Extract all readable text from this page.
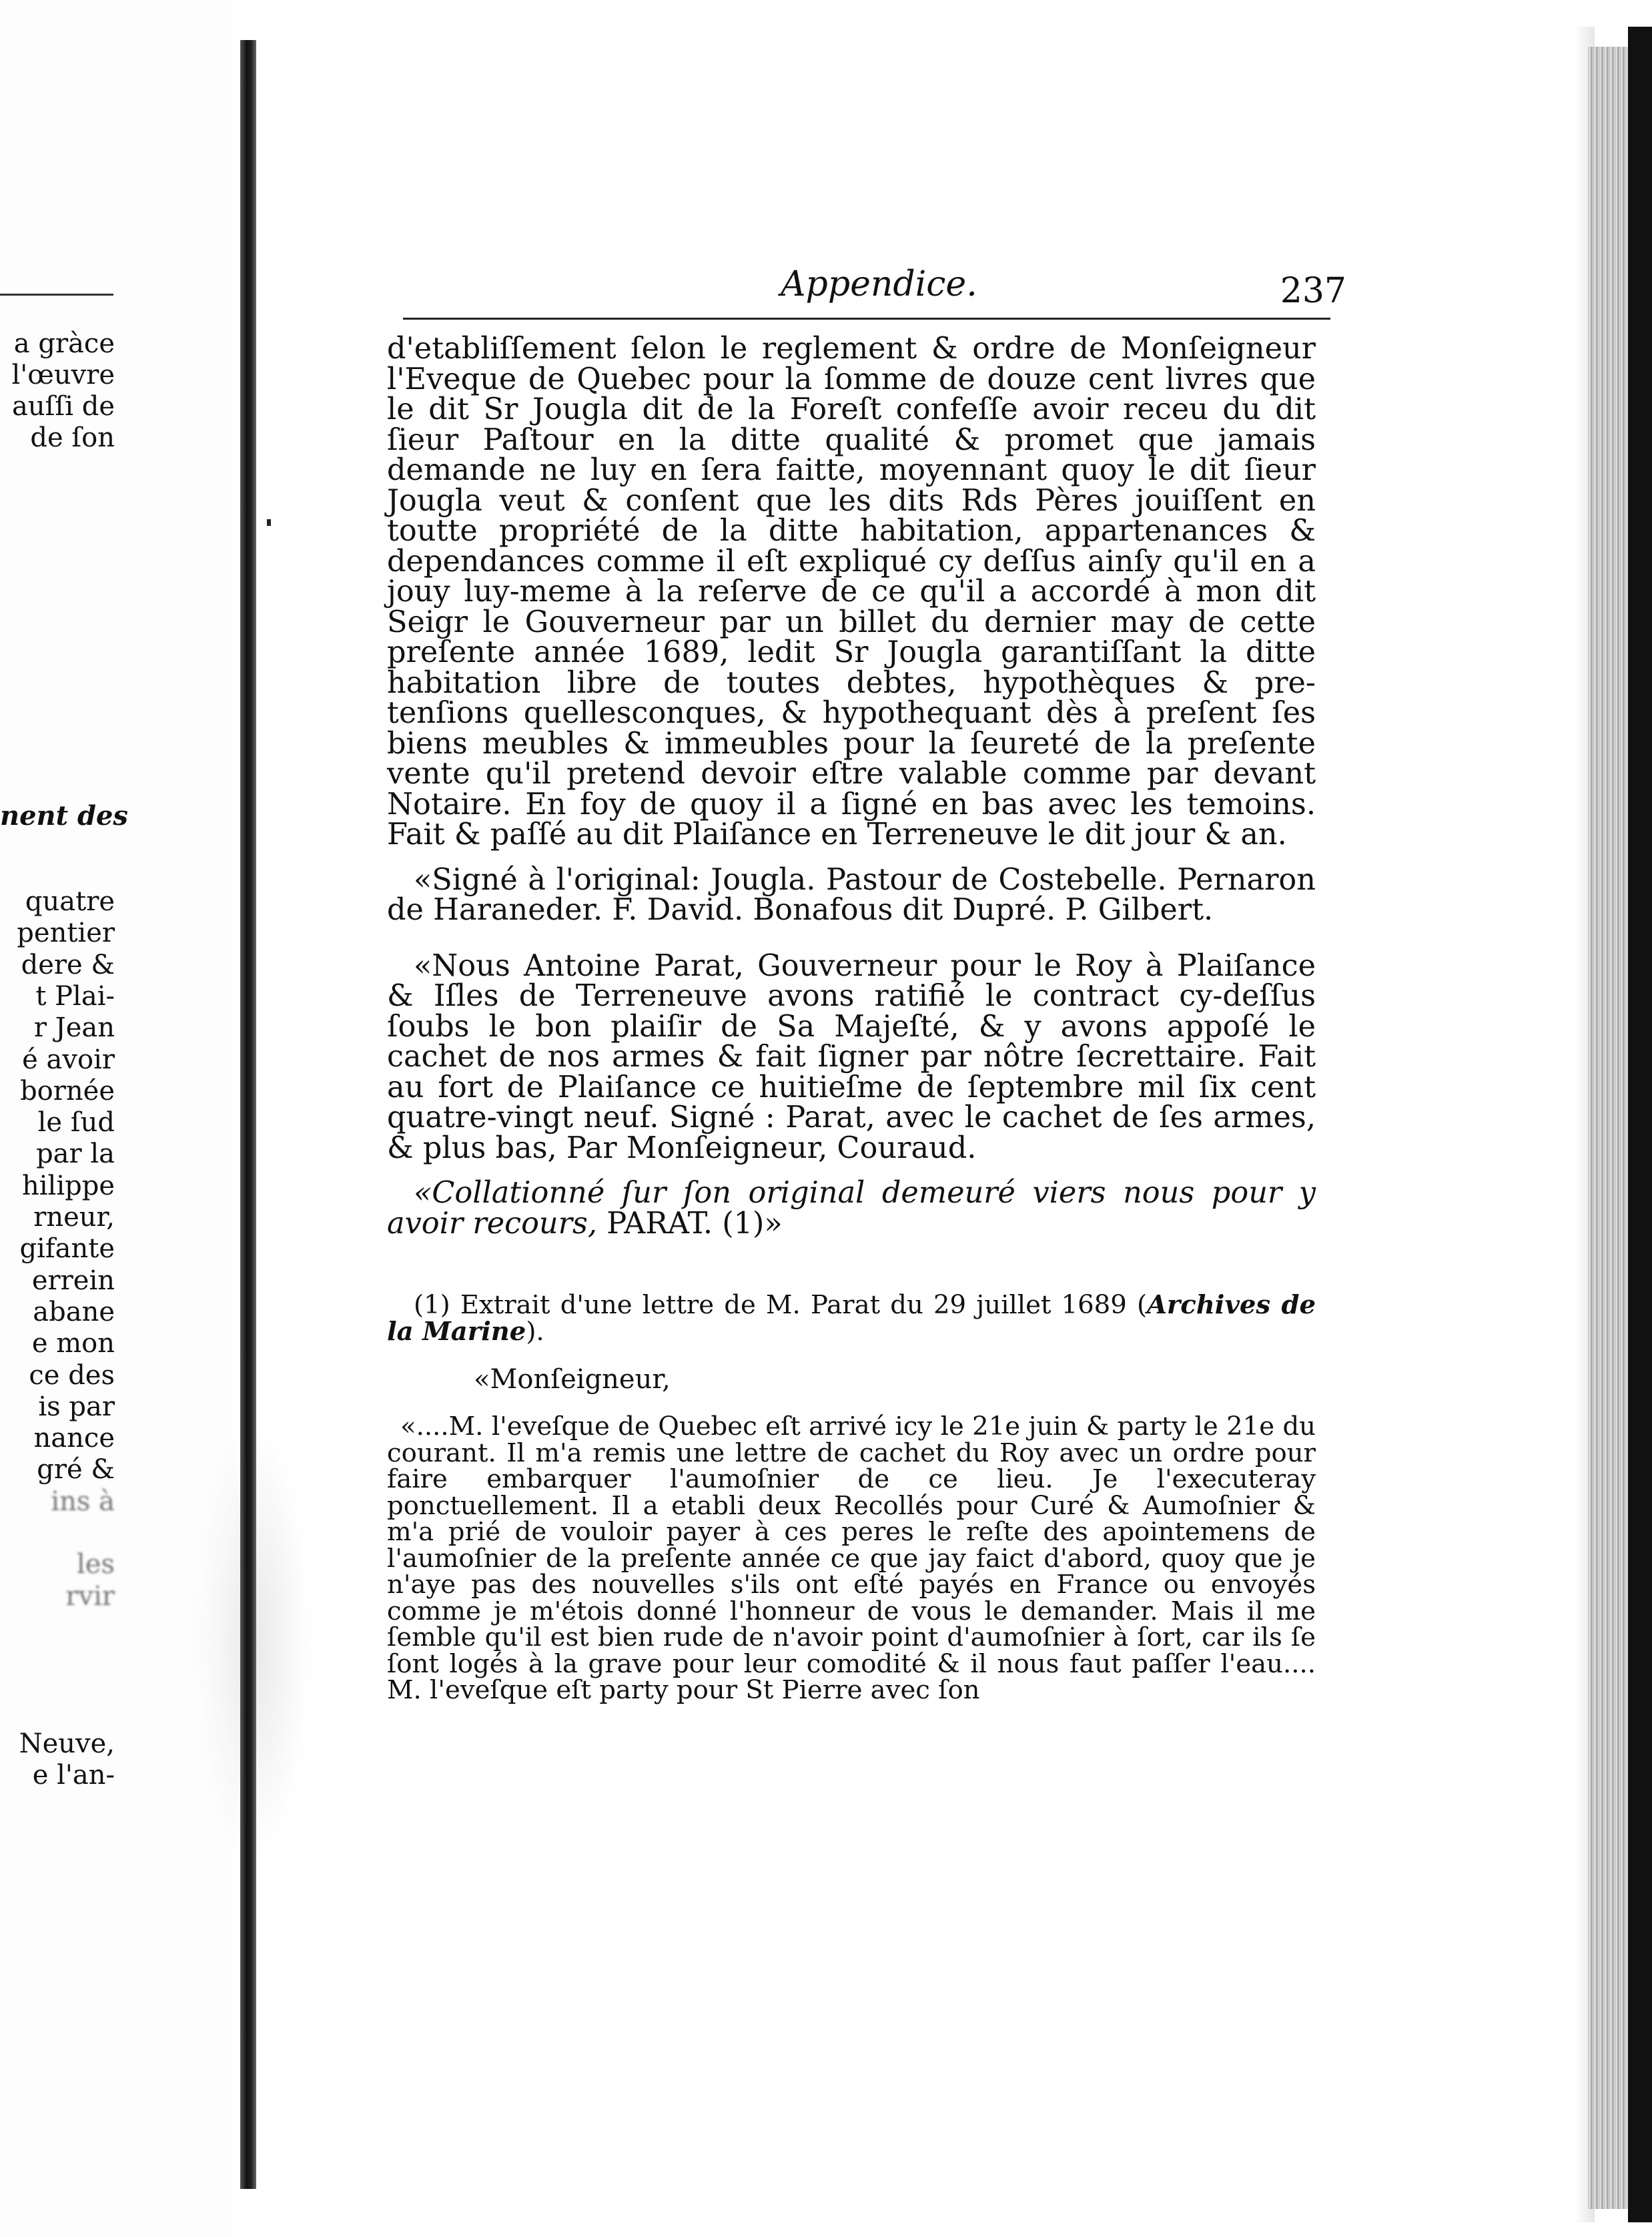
a gràce
l'œuvre
auſſi de
de ſon
nent des
quatre
pentier
dere &
t Plai-
r Jean
é avoir
bornée
le ſud
par la
hilippe
rneur,
gifante
errein
abane
e mon
ce des
is par
nance
gré &
ins à
les
rvir
Neuve,
e l'an-
Appendice.	237

d'etabliſſement ſelon le reglement & ordre de Monſeigneur l'Eveque de Quebec pour la ſomme de douze cent livres que le dit Sr Jougla dit de la Foreſt confeſſe avoir receu du dit ſieur Paſtour en la ditte qualité & promet que jamais demande ne luy en ſera faitte, moyennant quoy le dit ſieur Jougla veut & conſent que les dits Rds Pères jouiſſent en toutte propriété de la ditte habitation, appartenances & dependances comme il eſt expliqué cy deſſus ainſy qu'il en a jouy luy-meme à la reſerve de ce qu'il a accordé à mon dit Seigr le Gouverneur par un billet du dernier may de cette preſente année 1689, ledit Sr Jougla garantiſſant la ditte habitation libre de toutes debtes, hypothèques & pre- tenſions quellesconques, & hypothequant dès à preſent ſes biens meubles & immeubles pour la ſeureté de la preſente vente qu'il pretend devoir eſtre valable comme par devant Notaire. En foy de quoy il a ſigné en bas avec les temoins. Fait & paſſé au dit Plaiſance en Terreneuve le dit jour & an.

«Signé à l'original: Jougla. Pastour de Costebelle. Pernaron de Haraneder. F. David. Bonafous dit Dupré. P. Gilbert.

«Nous Antoine Parat, Gouverneur pour le Roy à Plaiſance & Iſles de Terreneuve avons ratifié le contract cy-deſſus ſoubs le bon plaiſir de Sa Majeſté, & y avons appoſé le cachet de nos armes & fait ſigner par nôtre ſecrettaire. Fait au fort de Plaiſance ce huitieſme de ſeptembre mil ſix cent quatre-vingt neuf. Signé : Parat, avec le cachet de ſes armes, & plus bas, Par Monſeigneur, Couraud.

«Collationné ſur ſon original demeuré viers nous pour y avoir recours, PARAT. (1)»

(1) Extrait d'une lettre de M. Parat du 29 juillet 1689 (Archives de la Marine).

«Monſeigneur,

«....M. l'eveſque de Quebec eſt arrivé icy le 21e juin & party le 21e du courant. Il m'a remis une lettre de cachet du Roy avec un ordre pour faire embarquer l'aumoſnier de ce lieu. Je l'executeray ponctuellement. Il a etabli deux Recollés pour Curé & Aumoſnier & m'a prié de vouloir payer à ces peres le reſte des apointemens de l'aumoſnier de la preſente année ce que jay faict d'abord, quoy que je n'aye pas des nouvelles s'ils ont eſté payés en France ou envoyés comme je m'étois donné l'honneur de vous le demander. Mais il me ſemble qu'il est bien rude de n'avoir point d'aumoſnier à ſort, car ils ſe ſont logés à la grave pour leur comodité & il nous faut paſſer l'eau.... M. l'eveſque eſt party pour St Pierre avec ſon
